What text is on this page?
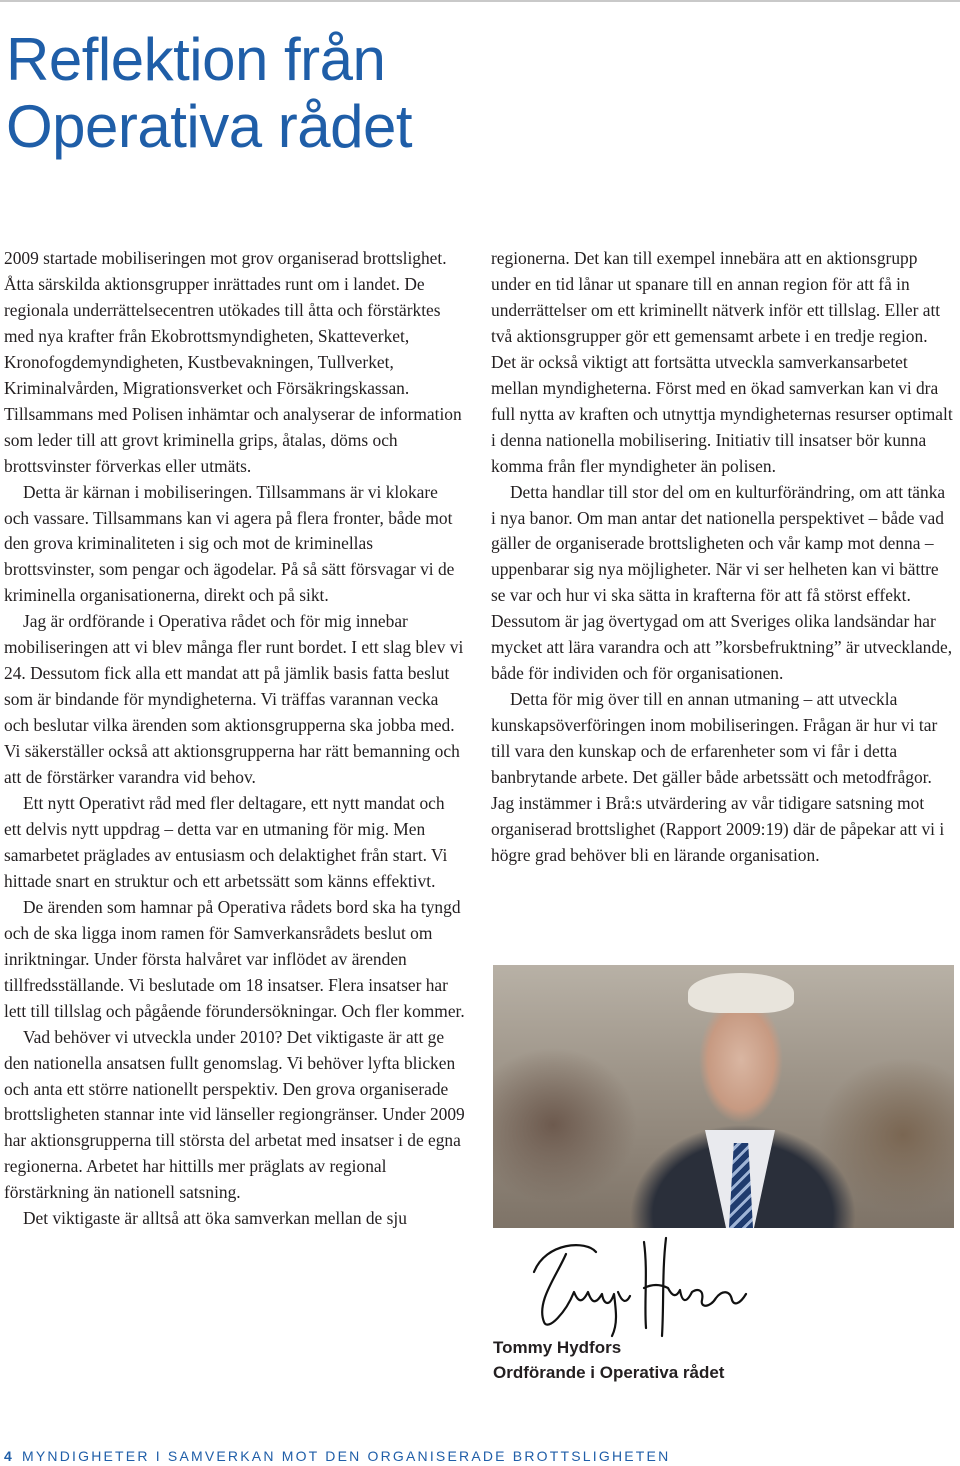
Reflektion från
Operativa rådet

2009 startade mobiliseringen mot grov organiserad brottslighet. Åtta särskilda aktionsgrupper inrättades runt om i landet. De regionala underrättelsecentren utökades till åtta och förstärktes med nya krafter från Ekobrottsmyndigheten, Skatteverket, Kronofogdemyndigheten, Kustbevakningen, Tullverket, Kriminalvården, Migrationsverket och Försäkringskassan. Tillsammans med Polisen inhämtar och analyserar de information som leder till att grovt kriminella grips, åtalas, döms och brottsvinster förverkas eller utmäts.

Detta är kärnan i mobiliseringen. Tillsammans är vi klokare och vassare. Tillsammans kan vi agera på flera fronter, både mot den grova kriminaliteten i sig och mot de kriminellas brottsvinster, som pengar och ägodelar. På så sätt försvagar vi de kriminella organisationerna, direkt och på sikt.

Jag är ordförande i Operativa rådet och för mig innebar mobiliseringen att vi blev många fler runt bordet. I ett slag blev vi 24. Dessutom fick alla ett mandat att på jämlik basis fatta beslut som är bindande för myndigheterna. Vi träffas varannan vecka och beslutar vilka ärenden som aktionsgrupperna ska jobba med. Vi säkerställer också att aktionsgrupperna har rätt bemanning och att de förstärker varandra vid behov.

Ett nytt Operativt råd med fler deltagare, ett nytt mandat och ett delvis nytt uppdrag – detta var en utmaning för mig. Men samarbetet präglades av entusiasm och delaktighet från start. Vi hittade snart en struktur och ett arbetssätt som känns effektivt.

De ärenden som hamnar på Operativa rådets bord ska ha tyngd och de ska ligga inom ramen för Samverkansrådets beslut om inriktningar. Under första halvåret var inflödet av ärenden tillfredsställande. Vi beslutade om 18 insatser. Flera insatser har lett till tillslag och pågående förundersökningar. Och fler kommer.

Vad behöver vi utveckla under 2010? Det viktigaste är att ge den nationella ansatsen fullt genomslag. Vi behöver lyfta blicken och anta ett större nationellt perspektiv. Den grova organiserade brottsligheten stannar inte vid länseller regiongränser. Under 2009 har aktionsgrupperna till största del arbetat med insatser i de egna regionerna. Arbetet har hittills mer präglats av regional förstärkning än nationell satsning.

Det viktigaste är alltså att öka samverkan mellan de sju

regionerna. Det kan till exempel innebära att en aktionsgrupp under en tid lånar ut spanare till en annan region för att få in underrättelser om ett kriminellt nätverk inför ett tillslag. Eller att två aktionsgrupper gör ett gemensamt arbete i en tredje region. Det är också viktigt att fortsätta utveckla samverkansarbetet mellan myndigheterna. Först med en ökad samverkan kan vi dra full nytta av kraften och utnyttja myndigheternas resurser optimalt i denna nationella mobilisering. Initiativ till insatser bör kunna komma från fler myndigheter än polisen.

Detta handlar till stor del om en kulturförändring, om att tänka i nya banor. Om man antar det nationella perspektivet – både vad gäller de organiserade brottsligheten och vår kamp mot denna – uppenbarar sig nya möjligheter. När vi ser helheten kan vi bättre se var och hur vi ska sätta in krafterna för att få störst effekt. Dessutom är jag övertygad om att Sveriges olika landsändar har mycket att lära varandra och att ”korsbefruktning” är utvecklande, både för individen och för organisationen.

Detta för mig över till en annan utmaning – att utveckla kunskapsöverföringen inom mobiliseringen. Frågan är hur vi tar till vara den kunskap och de erfarenheter som vi får i detta banbrytande arbete. Det gäller både arbetssätt och metodfrågor. Jag instämmer i Brå:s utvärdering av vår tidigare satsning mot organiserad brottslighet (Rapport 2009:19) där de påpekar att vi i högre grad behöver bli en lärande organisation.

Tommy Hydfors
Ordförande i Operativa rådet
4 MYNDIGHETER I SAMVERKAN MOT DEN ORGANISERADE BROTTSLIGHETEN
